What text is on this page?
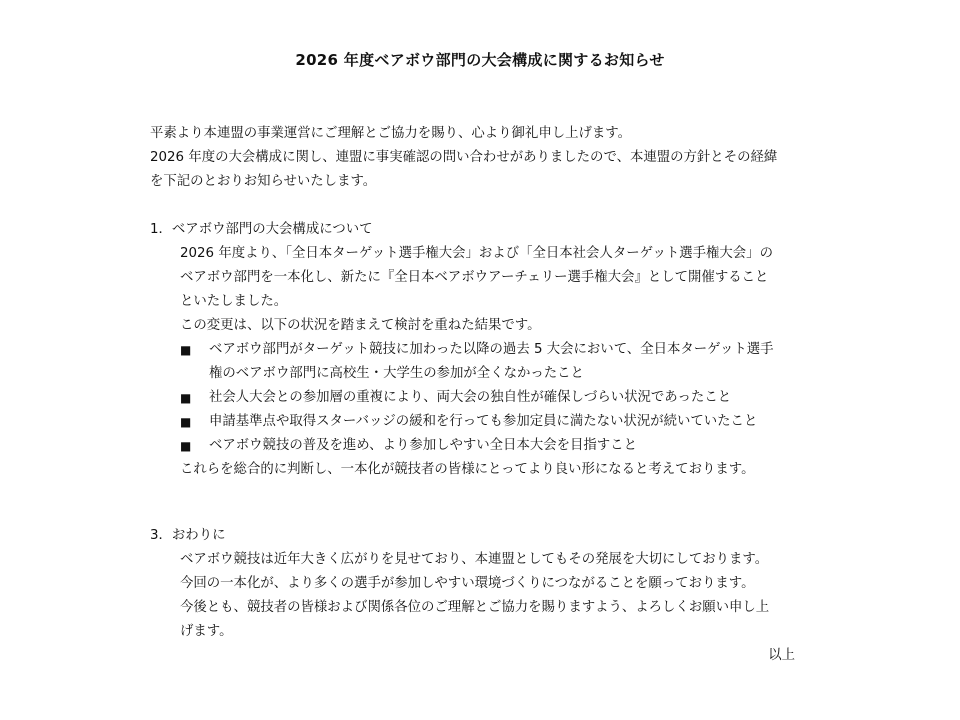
2026 年度ベアボウ部門の大会構成に関するお知らせ
平素より本連盟の事業運営にご理解とご協力を賜り、心より御礼申し上げます。
2026 年度の大会構成に関し、連盟に事実確認の問い合わせがありましたので、本連盟の方針とその経緯
を下記のとおりお知らせいたします。
1．ベアボウ部門の大会構成について
2026 年度より、「全日本ターゲット選手権大会」および「全日本社会人ターゲット選手権大会」の
ベアボウ部門を一本化し、新たに『全日本ベアボウアーチェリー選手権大会』として開催すること
といたしました。
この変更は、以下の状況を踏まえて検討を重ねた結果です。
■ ベアボウ部門がターゲット競技に加わった以降の過去 5 大会において、全日本ターゲット選手
権のベアボウ部門に高校生・大学生の参加が全くなかったこと
■ 社会人大会との参加層の重複により、両大会の独自性が確保しづらい状況であったこと
■ 申請基準点や取得スターバッジの緩和を行っても参加定員に満たない状況が続いていたこと
■ ベアボウ競技の普及を進め、より参加しやすい全日本大会を目指すこと
これらを総合的に判断し、一本化が競技者の皆様にとってより良い形になると考えております。
3．おわりに
ベアボウ競技は近年大きく広がりを見せており、本連盟としてもその発展を大切にしております。
今回の一本化が、より多くの選手が参加しやすい環境づくりにつながることを願っております。
今後とも、競技者の皆様および関係各位のご理解とご協力を賜りますよう、よろしくお願い申し上
げます。
以上
